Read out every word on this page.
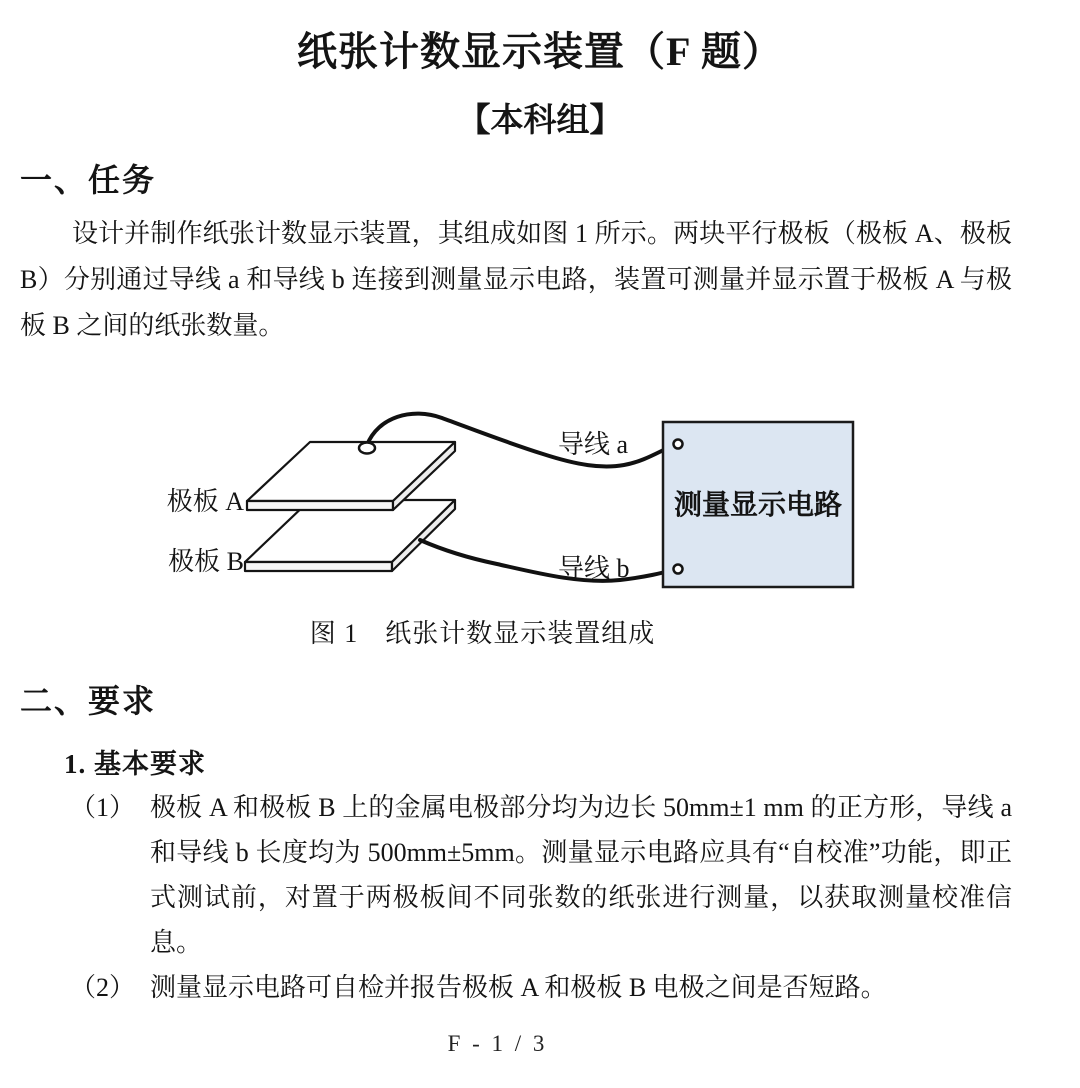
纸张计数显示装置（F 题）
【本科组】
一、任务
设计并制作纸张计数显示装置，其组成如图 1 所示。两块平行极板（极板 A、极板 B）分别通过导线 a 和导线 b 连接到测量显示电路，装置可测量并显示置于极板 A 与极板 B 之间的纸张数量。
测量显示电路
极板 A
极板 B
导线 a
导线 b
图 1　纸张计数显示装置组成
二、要求
1. 基本要求
（1） 极板 A 和极板 B 上的金属电极部分均为边长 50mm±1 mm 的正方形，导线 a 和导线 b 长度均为 500mm±5mm。测量显示电路应具有“自校准”功能，即正式测试前，对置于两极板间不同张数的纸张进行测量，以获取测量校准信息。
（2） 测量显示电路可自检并报告极板 A 和极板 B 电极之间是否短路。
F - 1 / 3
